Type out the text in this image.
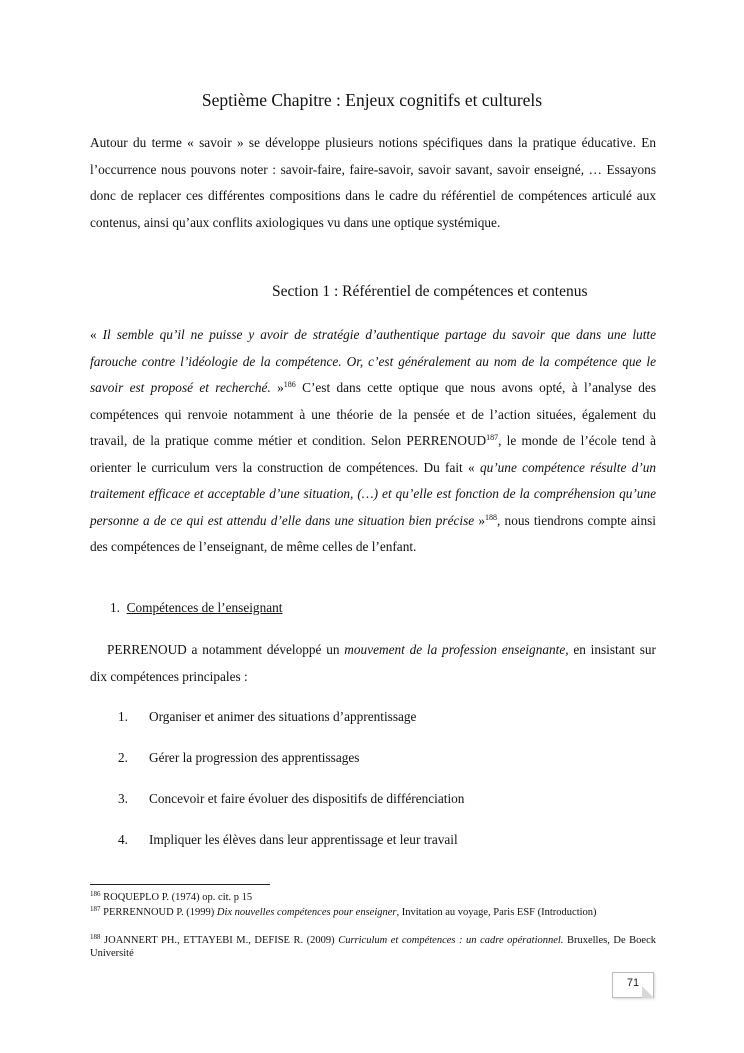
Septième Chapitre : Enjeux cognitifs et culturels

Autour du terme « savoir » se développe plusieurs notions spécifiques dans la pratique éducative. En l’occurrence nous pouvons noter : savoir-faire, faire-savoir, savoir savant, savoir enseigné, … Essayons donc de replacer ces différentes compositions dans le cadre du référentiel de compétences articulé aux contenus, ainsi qu’aux conflits axiologiques vu dans une optique systémique.

Section 1 : Référentiel de compétences et contenus

« Il semble qu’il ne puisse y avoir de stratégie d’authentique partage du savoir que dans une lutte farouche contre l’idéologie de la compétence. Or, c’est généralement au nom de la compétence que le savoir est proposé et recherché. »$^{186}$ C’est dans cette optique que nous avons opté, à l’analyse des compétences qui renvoie notamment à une théorie de la pensée et de l’action situées, également du travail, de la pratique comme métier et condition. Selon PERRENOUD$^{187}$, le monde de l’école tend à orienter le curriculum vers la construction de compétences. Du fait « qu’une compétence résulte d’un traitement efficace et acceptable d’une situation, (…) et qu’elle est fonction de la compréhension qu’une personne a de ce qui est attendu d’elle dans une situation bien précise »$^{188}$, nous tiendrons compte ainsi des compétences de l’enseignant, de même celles de l’enfant.

1. Compétences de l’enseignant

PERRENOUD a notamment développé un mouvement de la profession enseignante, en insistant sur dix compétences principales :

1. Organiser et animer des situations d’apprentissage
2. Gérer la progression des apprentissages
3. Concevoir et faire évoluer des dispositifs de différenciation
4. Impliquer les élèves dans leur apprentissage et leur travail

$^{186}$ ROQUEPLO P. (1974) op. cit. p 15

$^{187}$ PERRENNOUD P. (1999) Dix nouvelles compétences pour enseigner, Invitation au voyage, Paris ESF (Introduction)

$^{188}$ JOANNERT PH., ETTAYEBI M., DEFISE R. (2009) Curriculum et compétences : un cadre opérationnel. Bruxelles, De Boeck Université

71
